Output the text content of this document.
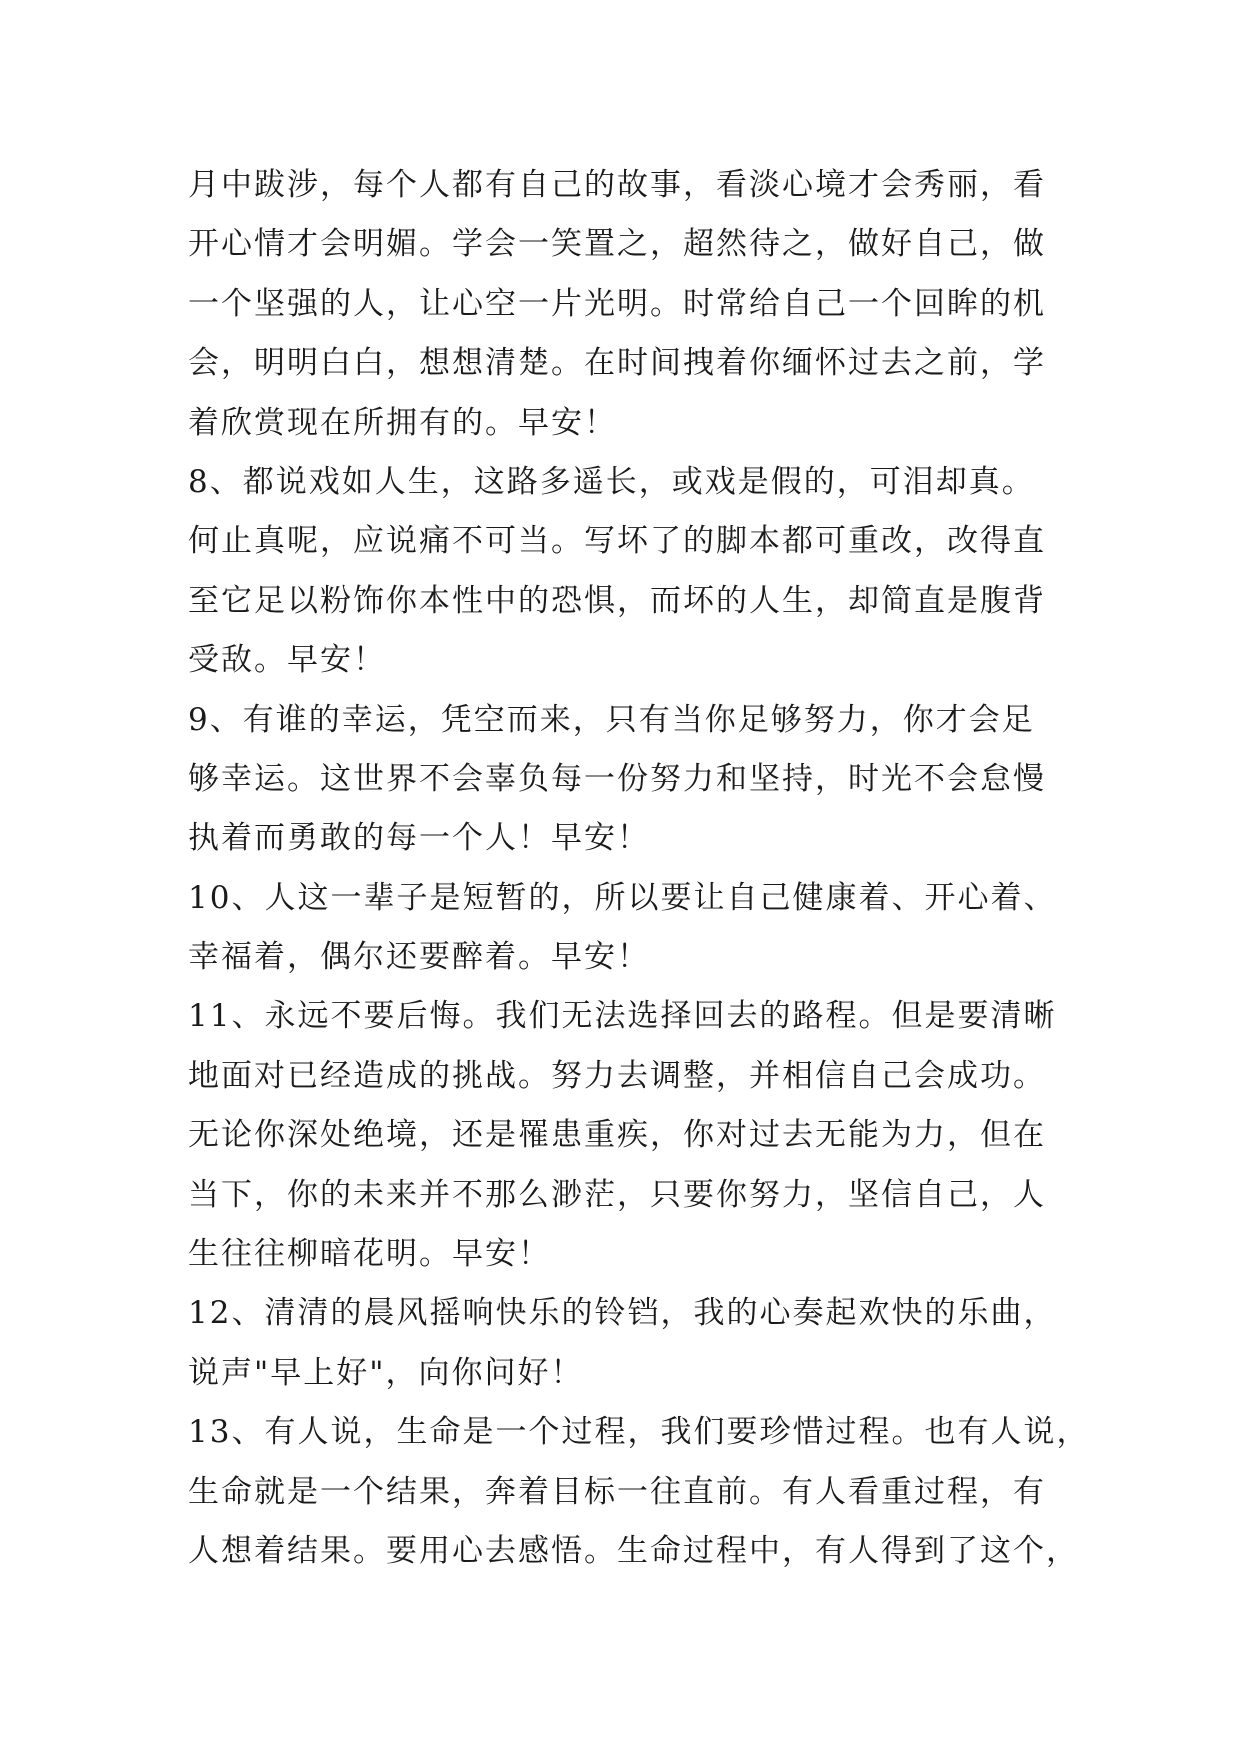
月中跋涉，每个人都有自己的故事，看淡心境才会秀丽，看
开心情才会明媚。学会一笑置之，超然待之，做好自己，做
一个坚强的人，让心空一片光明。时常给自己一个回眸的机
会，明明白白，想想清楚。在时间拽着你缅怀过去之前，学
着欣赏现在所拥有的。早安！
8、都说戏如人生，这路多遥长，或戏是假的，可泪却真。
何止真呢，应说痛不可当。写坏了的脚本都可重改，改得直
至它足以粉饰你本性中的恐惧，而坏的人生，却简直是腹背
受敌。早安！
9、有谁的幸运，凭空而来，只有当你足够努力，你才会足
够幸运。这世界不会辜负每一份努力和坚持，时光不会怠慢
执着而勇敢的每一个人！早安！
10、人这一辈子是短暂的，所以要让自己健康着、开心着、
幸福着，偶尔还要醉着。早安！
11、永远不要后悔。我们无法选择回去的路程。但是要清晰
地面对已经造成的挑战。努力去调整，并相信自己会成功。
无论你深处绝境，还是罹患重疾，你对过去无能为力，但在
当下，你的未来并不那么渺茫，只要你努力，坚信自己，人
生往往柳暗花明。早安！
12、清清的晨风摇响快乐的铃铛，我的心奏起欢快的乐曲，
说声"早上好"，向你问好！
13、有人说，生命是一个过程，我们要珍惜过程。也有人说，
生命就是一个结果，奔着目标一往直前。有人看重过程，有
人想着结果。要用心去感悟。生命过程中，有人得到了这个，
